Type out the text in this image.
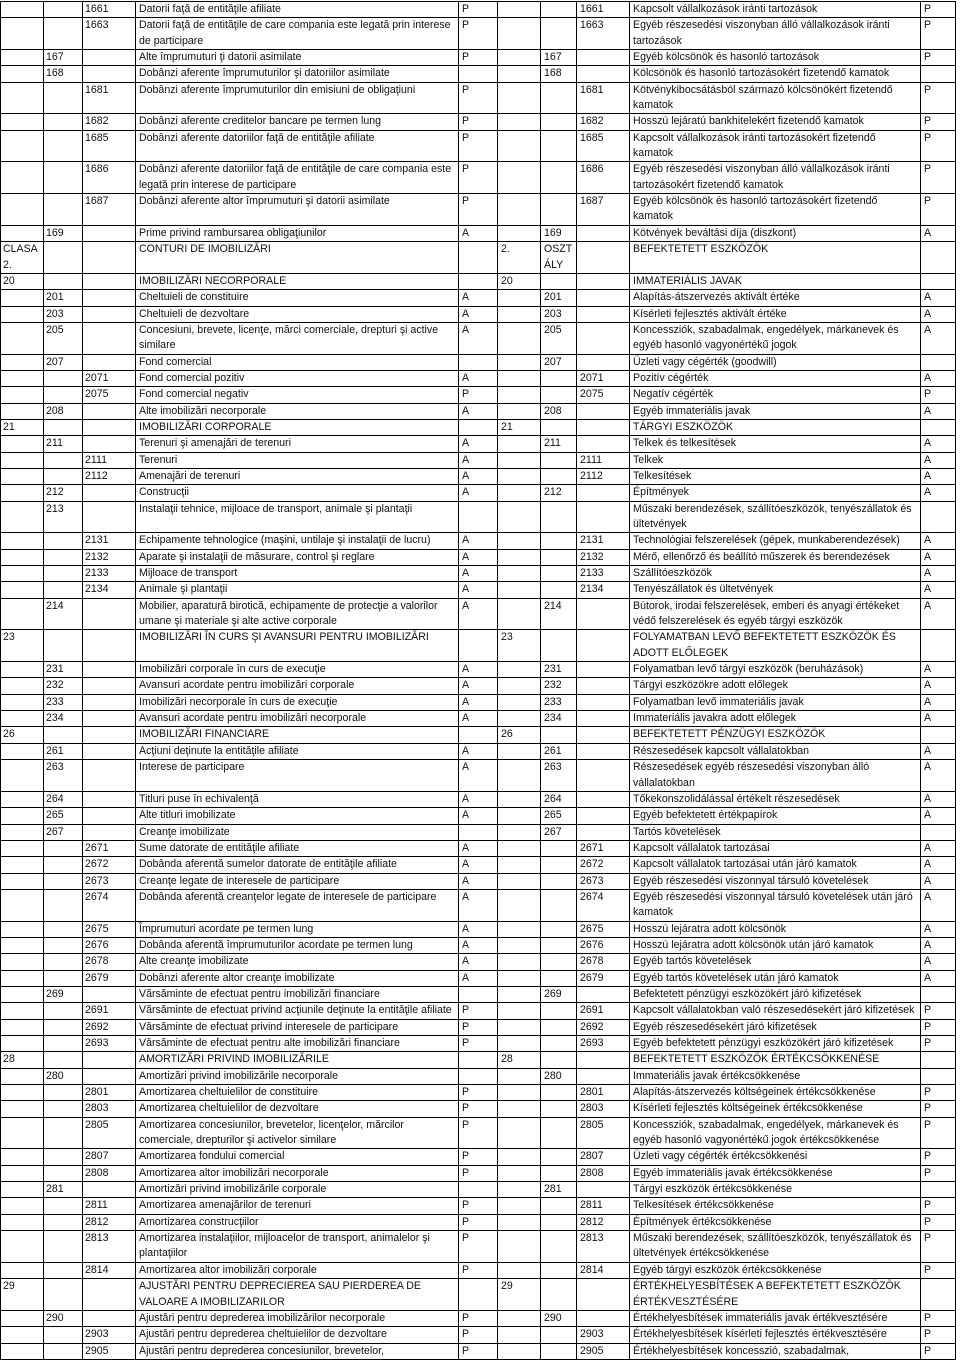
		1661	Datorii faţă de entităţile afiliate	P			1661	Kapcsolt vállalkozások iránti tartozások	P
		1663	Datorii faţă de entităţile de care compania este legată prin interese de participare	P			1663	Egyéb részesedési viszonyban álló vállalkozások iránti tartozások	P
	167		Alte împrumuturi ţi datorii asimilate	P		167		Egyéb kölcsönök és hasonló tartozások	P
	168		Dobânzi aferente împrumuturilor şi datoriilor asimilate			168		Kölcsönök és hasonló tartozásokért fizetendő kamatok	
		1681	Dobânzi aferente împrumuturilor din emisiuni de obligaţiuni	P			1681	Kötvénykibocsátásból származó kölcsönökért fizetendő kamatok	P
		1682	Dobânzi aferente creditelor bancare pe termen lung	P			1682	Hosszú lejáratú bankhitelekért fizetendő kamatok	P
		1685	Dobânzi aferente datoriilor faţă de entităţile afiliate	P			1685	Kapcsolt vállalkozások iránti tartozásokért fizetendő kamatok	P
		1686	Dobânzi aferente datoriilor faţă de entităţile de care compania este legată prin interese de participare	P			1686	Egyéb részesedési viszonyban álló vállalkozások iránti tartozásokért fizetendő kamatok	P
		1687	Dobânzi aferente altor împrumuturi şi datorii asimilate	P			1687	Egyéb kölcsönök és hasonló tartozásokért fizetendő kamatok	P
	169		Prime privind rambursarea obligaţiunilor	A		169		Kötvények beváltási díja (diszkont)	A
CLASA 2.			CONTURI DE IMOBILIZĂRI		2.	OSZTÁLY		BEFEKTETETT ESZKÖZÖK	
20			IMOBILIZĂRI NECORPORALE		20			IMMATERIÁLIS JAVAK	
	201		Cheltuieli de constituire	A		201		Alapítás-átszervezés aktivált értéke	A
	203		Cheltuieli de dezvoltare	A		203		Kísérleti fejlesztés aktivált értéke	A
	205		Concesiuni, brevete, licenţe, mărci comerciale, drepturi şi active similare	A		205		Koncessziók, szabadalmak, engedélyek, márkanevek és egyéb hasonló vagyonértékű jogok	A
	207		Fond comercial			207		Üzleti vagy cégérték (goodwill)	
		2071	Fond comercial pozitiv	A			2071	Pozitív cégérték	A
		2075	Fond comercial negativ	P			2075	Negatív cégérték	P
	208		Alte imobilizări necorporale	A		208		Egyéb immateriális javak	A
21			IMOBILIZĂRI CORPORALE		21			TÁRGYI ESZKÖZÖK	
	211		Terenuri şi amenajări de terenuri	A		211		Telkek és telkesítések	A
		2111	Terenuri	A			2111	Telkek	A
		2112	Amenajări de terenuri	A			2112	Telkesítések	A
	212		Construcţii	A		212		Építmények	A
	213		Instalaţii tehnice, mijloace de transport, animale şi plantaţii					Műszaki berendezések, szállítóeszközök, tenyészállatok és ültetvények	
		2131	Echipamente tehnologice (maşini, untilaje şi instalaţii de lucru)	A			2131	Technológiai felszerelések (gépek, munkaberendezések)	A
		2132	Aparate şi instalaţii de măsurare, control şi reglare	A			2132	Mérő, ellenőrző és beállító műszerek és berendezések	A
		2133	Mijloace de transport	A			2133	Szállítóeszközök	A
		2134	Animale şi plantaţii	A			2134	Tenyészállatok és ültetvények	A
	214		Mobilier, aparatură birotică, echipamente de protecţie a valorilor umane şi materiale şi alte active corporale	A		214		Bútorok, irodai felszerelések, emberi és anyagi értékeket védő felszerelések és egyéb tárgyi eszközök	A
23			IMOBILIZĂRI ÎN CURS ŞI AVANSURI PENTRU IMOBILIZĂRI		23			FOLYAMATBAN LEVŐ BEFEKTETETT ESZKÖZÖK ÉS ADOTT ELŐLEGEK	
	231		Imobilizări corporale în curs de execuţie	A		231		Folyamatban levő tárgyi eszközök (beruházások)	A
	232		Avansuri acordate pentru imobilizări corporale	A		232		Tárgyi eszközökre adott előlegek	A
	233		Imobilizări necorporale în curs de execuţie	A		233		Folyamatban levő immateriális javak	A
	234		Avansuri acordate pentru imobilizări necorporale	A		234		Immateriális javakra adott előlegek	A
26			IMOBILIZĂRI FINANCIARE		26			BEFEKTETETT PÉNZÜGYI ESZKÖZÖK	
	261		Acţiuni deţinute la entităţile afiliate	A		261		Részesedések kapcsolt vállalatokban	A
	263		Interese de participare	A		263		Részesedések egyéb részesedési viszonyban álló vállalatokban	A
	264		Titluri puse în echivalenţă	A		264		Tőkekonszolidálással értékelt részesedések	A
	265		Alte titluri imobilizate	A		265		Egyéb befektetett értékpapírok	A
	267		Creanţe imobilizate			267		Tartós követelések	
		2671	Sume datorate de entităţile afiliate	A			2671	Kapcsolt vállalatok tartozásai	A
		2672	Dobânda aferentă sumelor datorate de entităţile afiliate	A			2672	Kapcsolt vállalatok tartozásai után járó kamatok	A
		2673	Creanţe legate de interesele de participare	A			2673	Egyéb részesedési viszonnyal társuló követelések	A
		2674	Dobânda aferentă creanţelor legate de interesele de participare	A			2674	Egyéb részesedési viszonnyal társuló követelések után járó kamatok	A
		2675	Împrumuturi acordate pe termen lung	A			2675	Hosszú lejáratra adott kölcsönök	A
		2676	Dobânda aferentă împrumuturilor acordate pe termen lung	A			2676	Hosszú lejáratra adott kölcsönök után járó kamatok	A
		2678	Alte creanţe imobilizate	A			2678	Egyéb tartós követelések	A
		2679	Dobânzi aferente altor creanţe imobilizate	A			2679	Egyéb tartós követelések után járó kamatok	A
	269		Vărsăminte de efectuat pentru imobilizări financiare			269		Befektetett pénzügyi eszközökért járó kifizetések	
		2691	Vărsăminte de efectuat privind acţiunile deţinute la entităţile afiliate	P			2691	Kapcsolt vállalatokban való részesedésekért járó kifizetések	P
		2692	Vărsăminte de efectuat privind interesele de participare	P			2692	Egyéb részesedésekért járó kifizetések	P
		2693	Vărsăminte de efectuat pentru alte imobilizări financiare	P			2693	Egyéb befektetett pénzügyi eszközökért járó kifizetések	P
28			AMORTIZĂRI PRIVIND IMOBILIZĂRILE		28			BEFEKTETETT ESZKÖZÖK ÉRTÉKCSÖKKENÉSE	
	280		Amortizări privind imobilizările necorporale			280		Immateriális javak értékcsökkenése	
		2801	Amortizarea cheltuielilor de constituire	P			2801	Alapítás-átszervezés költségeinek értékcsökkenése	P
		2803	Amortizarea cheltuielilor de dezvoltare	P			2803	Kísérleti fejlesztés költségeinek értékcsökkenése	P
		2805	Amortizarea concesiunilor, brevetelor, licenţelor, mărcilor comerciale, drepturilor şi activelor similare	P			2805	Koncessziók, szabadalmak, engedélyek, márkanevek és egyéb hasonló vagyonértékű jogok értékcsökkenése	P
		2807	Amortizarea fondului comercial	P			2807	Üzleti vagy cégérték értékcsökkenési	P
		2808	Amortizarea altor imobilizări necorporale	P			2808	Egyéb immateriális javak értékcsökkenése	P
	281		Amortizări privind imobilizările corporale			281		Tárgyi eszközök értékcsökkenése	
		2811	Amortizarea amenajărilor de terenuri	P			2811	Telkesítések értékcsökkenése	P
		2812	Amortizarea construcţiilor	P			2812	Építmények értékcsökkenése	P
		2813	Amortizarea instalaţiilor, mijloacelor de transport, animalelor şi plantaţiilor	P			2813	Műszaki berendezések, szállítóeszközök, tenyészállatok és ültetvények értékcsökkenése	P
		2814	Amortizarea altor imobilizări corporale	P			2814	Egyéb tárgyi eszközök értékcsökkenése	P
29			AJUSTĂRI PENTRU DEPRECIEREA SAU PIERDEREA DE VALOARE A IMOBILIZARILOR		29			ÉRTÉKHELYESBÍTÉSEK A BEFEKTETETT ESZKÖZÖK ÉRTÉKVESZTÉSÉRE	
	290		Ajustări pentru deprederea imobilizărilor necorporale	P		290		Értékhelyesbítések immateriális javak értékvesztésére	P
		2903	Ajustări pentru deprederea cheltuielilor de dezvoltare	P			2903	Értékhelyesbítések kísérleti fejlesztés értékvesztésére	P
		2905	Ajustări pentru deprederea concesiunilor, brevetelor,	P			2905	Értékhelyesbítések koncesszió, szabadalmak,	P
